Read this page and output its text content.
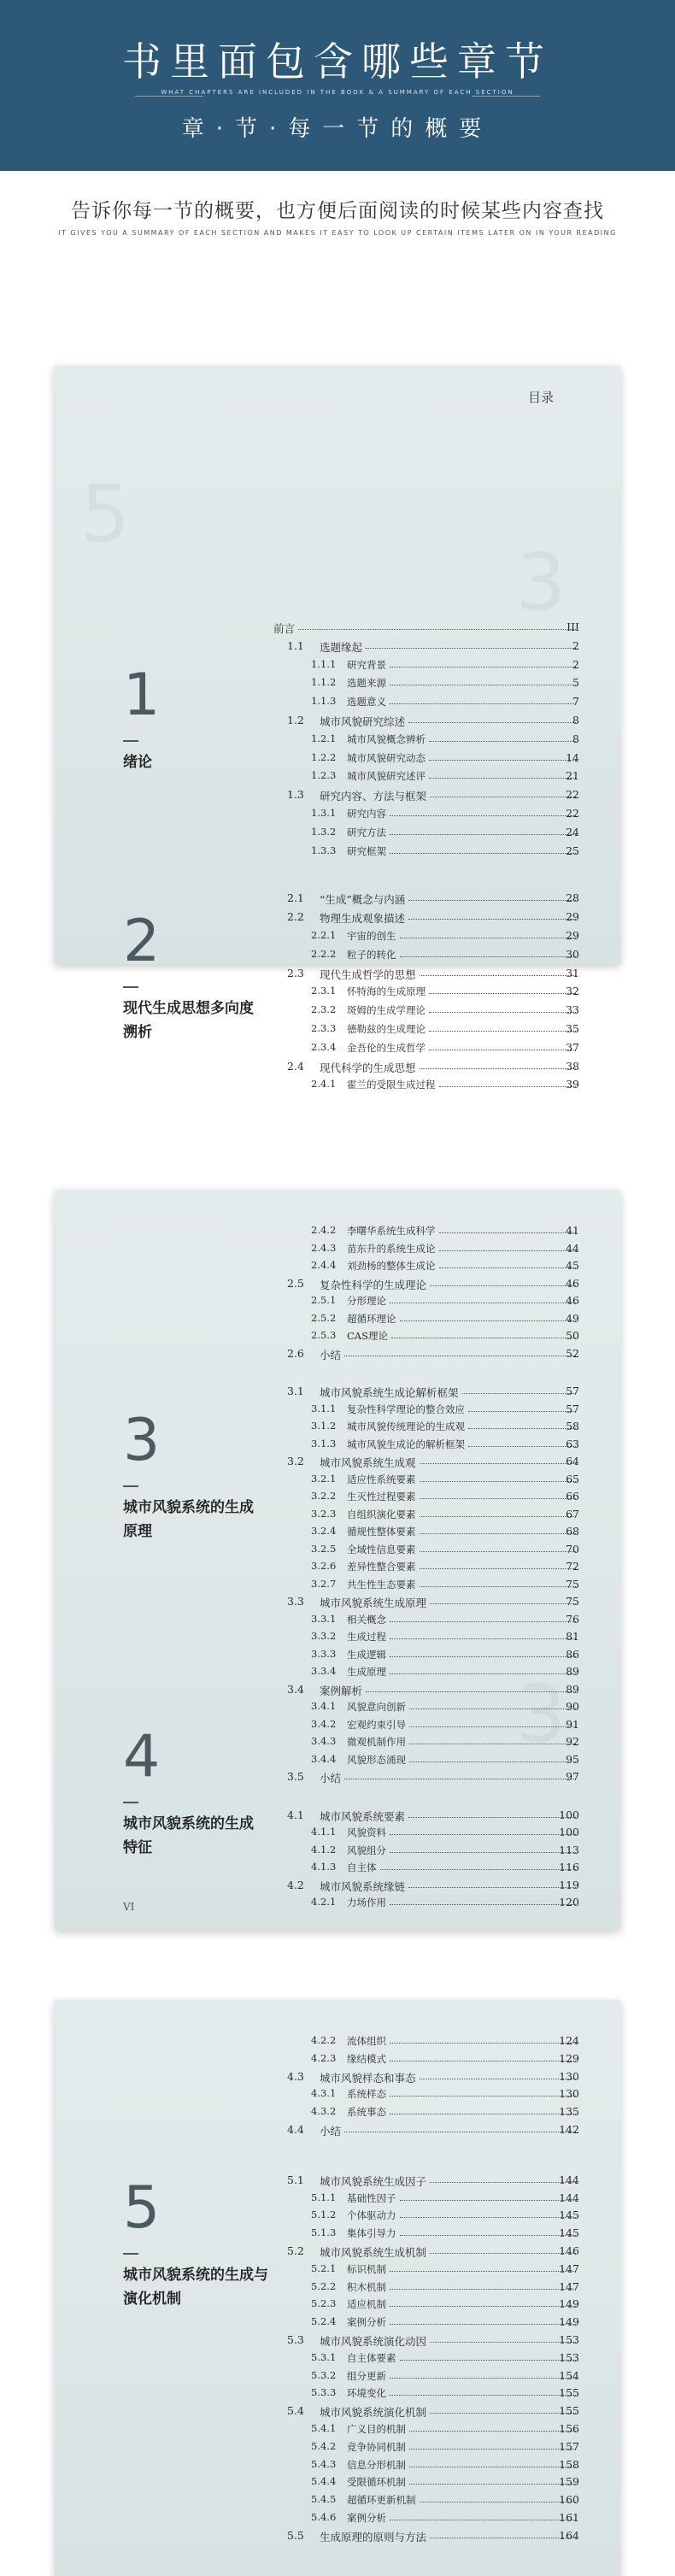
书里面包含哪些章节
WHAT CHAPTERS ARE INCLUDED IN THE BOOK & A SUMMARY OF EACH SECTION
章·节·每一节的概要
告诉你每一节的概要，也方便后面阅读的时候某些内容查找
IT GIVES YOU A SUMMARY OF EACH SECTION AND MAKES IT EASY TO LOOK UP CERTAIN ITEMS LATER ON IN YOUR READING
5
3
目录
1
绪论
2
现代生成思想多向度溯析
前言	III
1.1 选题缘起	2
1.1.1 研究背景	2
1.1.2 选题来源	5
1.1.3 选题意义	7
1.2 城市风貌研究综述	8
1.2.1 城市风貌概念辨析	8
1.2.2 城市风貌研究动态	14
1.2.3 城市风貌研究述评	21
1.3 研究内容、方法与框架	22
1.3.1 研究内容	22
1.3.2 研究方法	24
1.3.3 研究框架	25
2.1 “生成”概念与内涵	28
2.2 物理生成观象描述	29
2.2.1 宇宙的创生	29
2.2.2 粒子的转化	30
2.3 现代生成哲学的思想	31
2.3.1 怀特海的生成原理	32
2.3.2 斑姆的生成学理论	33
2.3.3 德勒兹的生成理论	35
2.3.4 金吾伦的生成哲学	37
2.4 现代科学的生成思想	38
2.4.1 霍兰的受限生成过程	39
3
3
城市风貌系统的生成原理
4
城市风貌系统的生成特征
VI
2.4.2 李曙华系统生成科学	41
2.4.3 苗东升的系统生成论	44
2.4.4 刘劲杨的整体生成论	45
2.5 复杂性科学的生成理论	46
2.5.1 分形理论	46
2.5.2 超循环理论	49
2.5.3 CAS理论	50
2.6 小结	52
3.1 城市风貌系统生成论解析框架	57
3.1.1 复杂性科学理论的整合效应	57
3.1.2 城市风貌传统理论的生成观	58
3.1.3 城市风貌生成论的解析框架	63
3.2 城市风貌系统生成观	64
3.2.1 适应性系统要素	65
3.2.2 生灭性过程要素	66
3.2.3 自组织演化要素	67
3.2.4 循规性整体要素	68
3.2.5 全域性信息要素	70
3.2.6 差异性整合要素	72
3.2.7 共生性生态要素	75
3.3 城市风貌系统生成原理	75
3.3.1 相关概念	76
3.3.2 生成过程	81
3.3.3 生成逻辑	86
3.3.4 生成原理	89
3.4 案例解析	89
3.4.1 风貌意向创新	90
3.4.2 宏观约束引导	91
3.4.3 微观机制作用	92
3.4.4 风貌形态涌现	95
3.5 小结	97
4.1 城市风貌系统要素	100
4.1.1 风貌资料	100
4.1.2 风貌组分	113
4.1.3 自主体	116
4.2 城市风貌系统缘链	119
4.2.1 力场作用	120
5
城市风貌系统的生成与演化机制
4.2.2 流体组织	124
4.2.3 缘结模式	129
4.3 城市风貌样态和事态	130
4.3.1 系统样态	130
4.3.2 系统事态	135
4.4 小结	142
5.1 城市风貌系统生成因子	144
5.1.1 基础性因子	144
5.1.2 个体驱动力	145
5.1.3 集体引导力	145
5.2 城市风貌系统生成机制	146
5.2.1 标识机制	147
5.2.2 积木机制	147
5.2.3 适应机制	149
5.2.4 案例分析	149
5.3 城市风貌系统演化动因	153
5.3.1 自主体要素	153
5.3.2 组分更新	154
5.3.3 环境变化	155
5.4 城市风貌系统演化机制	155
5.4.1 广义目的机制	156
5.4.2 竞争协同机制	157
5.4.3 信息分形机制	158
5.4.4 受限循环机制	159
5.4.5 超循环更新机制	160
5.4.6 案例分析	161
5.5 生成原理的原则与方法	164
